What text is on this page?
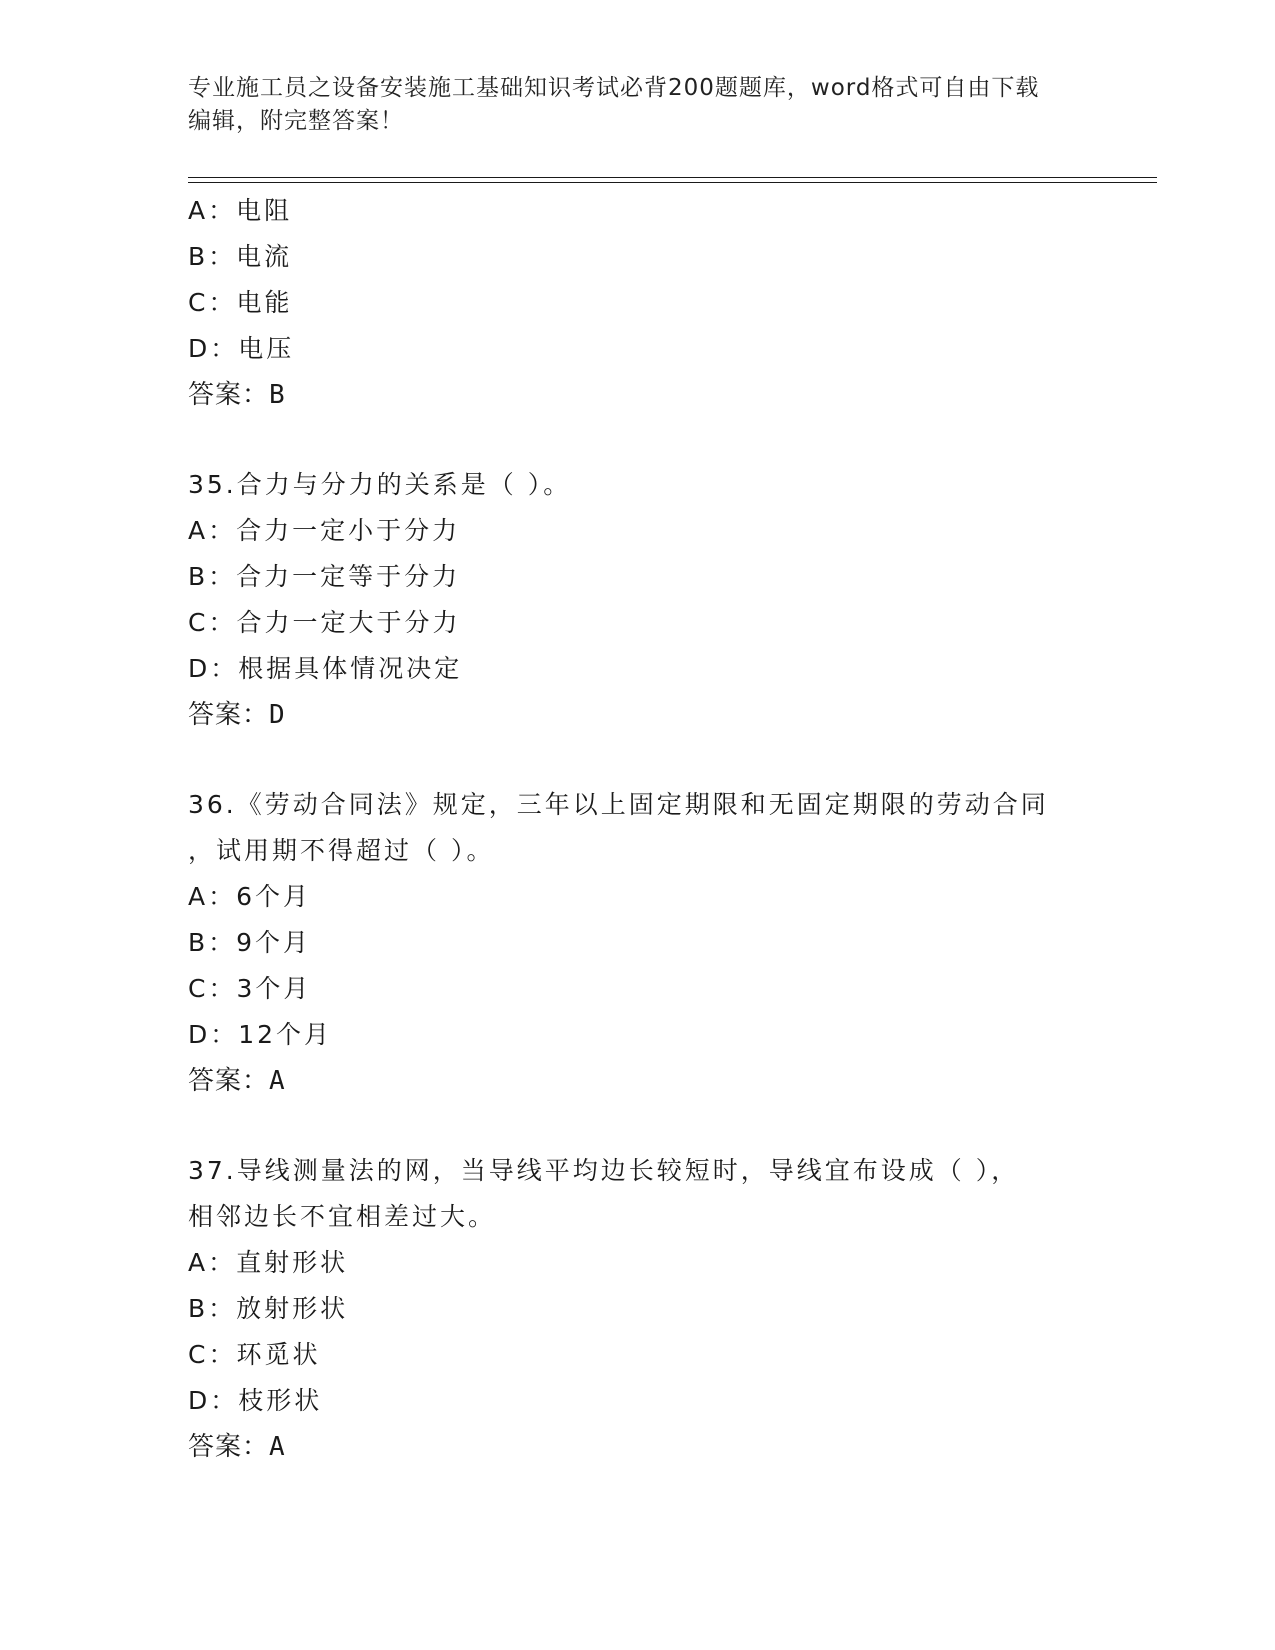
专业施工员之设备安装施工基础知识考试必背200题题库，word格式可自由下载
编辑，附完整答案！
A：电阻
B：电流
C：电能
D：电压
答案：B
35.合力与分力的关系是（ ）。
A：合力一定小于分力
B：合力一定等于分力
C：合力一定大于分力
D：根据具体情况决定
答案：D
36.《劳动合同法》规定，三年以上固定期限和无固定期限的劳动合同
，试用期不得超过（ ）。
A：6个月
B：9个月
C：3个月
D：12个月
答案：A
37.导线测量法的网，当导线平均边长较短时，导线宜布设成（ ），
相邻边长不宜相差过大。
A：直射形状
B：放射形状
C：环觅状
D：枝形状
答案：A
